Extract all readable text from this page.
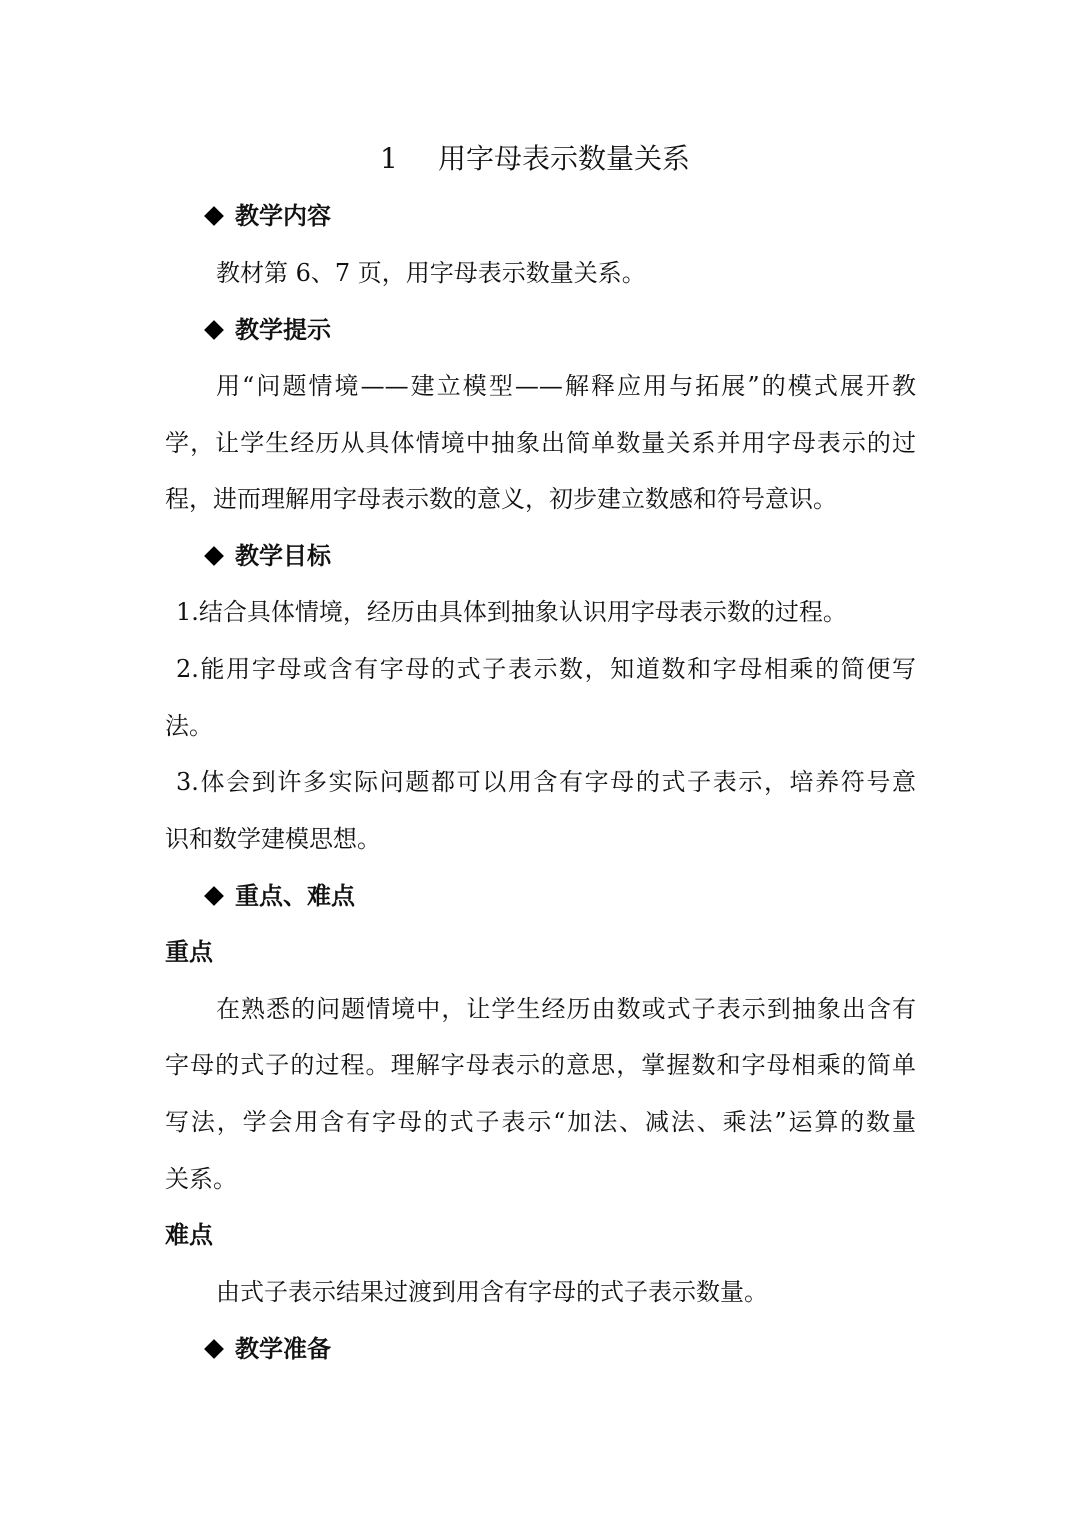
1 用字母表示数量关系
教学内容
教材第 6、7 页，用字母表示数量关系。
教学提示
用“问题情境——建立模型——解释应用与拓展”的模式展开教
学，让学生经历从具体情境中抽象出简单数量关系并用字母表示的过
程，进而理解用字母表示数的意义，初步建立数感和符号意识。
教学目标
1.结合具体情境，经历由具体到抽象认识用字母表示数的过程。
2.能用字母或含有字母的式子表示数，知道数和字母相乘的简便写
法。
3.体会到许多实际问题都可以用含有字母的式子表示，培养符号意
识和数学建模思想。
重点、难点
重点
在熟悉的问题情境中，让学生经历由数或式子表示到抽象出含有
字母的式子的过程。理解字母表示的意思，掌握数和字母相乘的简单
写法，学会用含有字母的式子表示“加法、减法、乘法”运算的数量
关系。
难点
由式子表示结果过渡到用含有字母的式子表示数量。
教学准备
